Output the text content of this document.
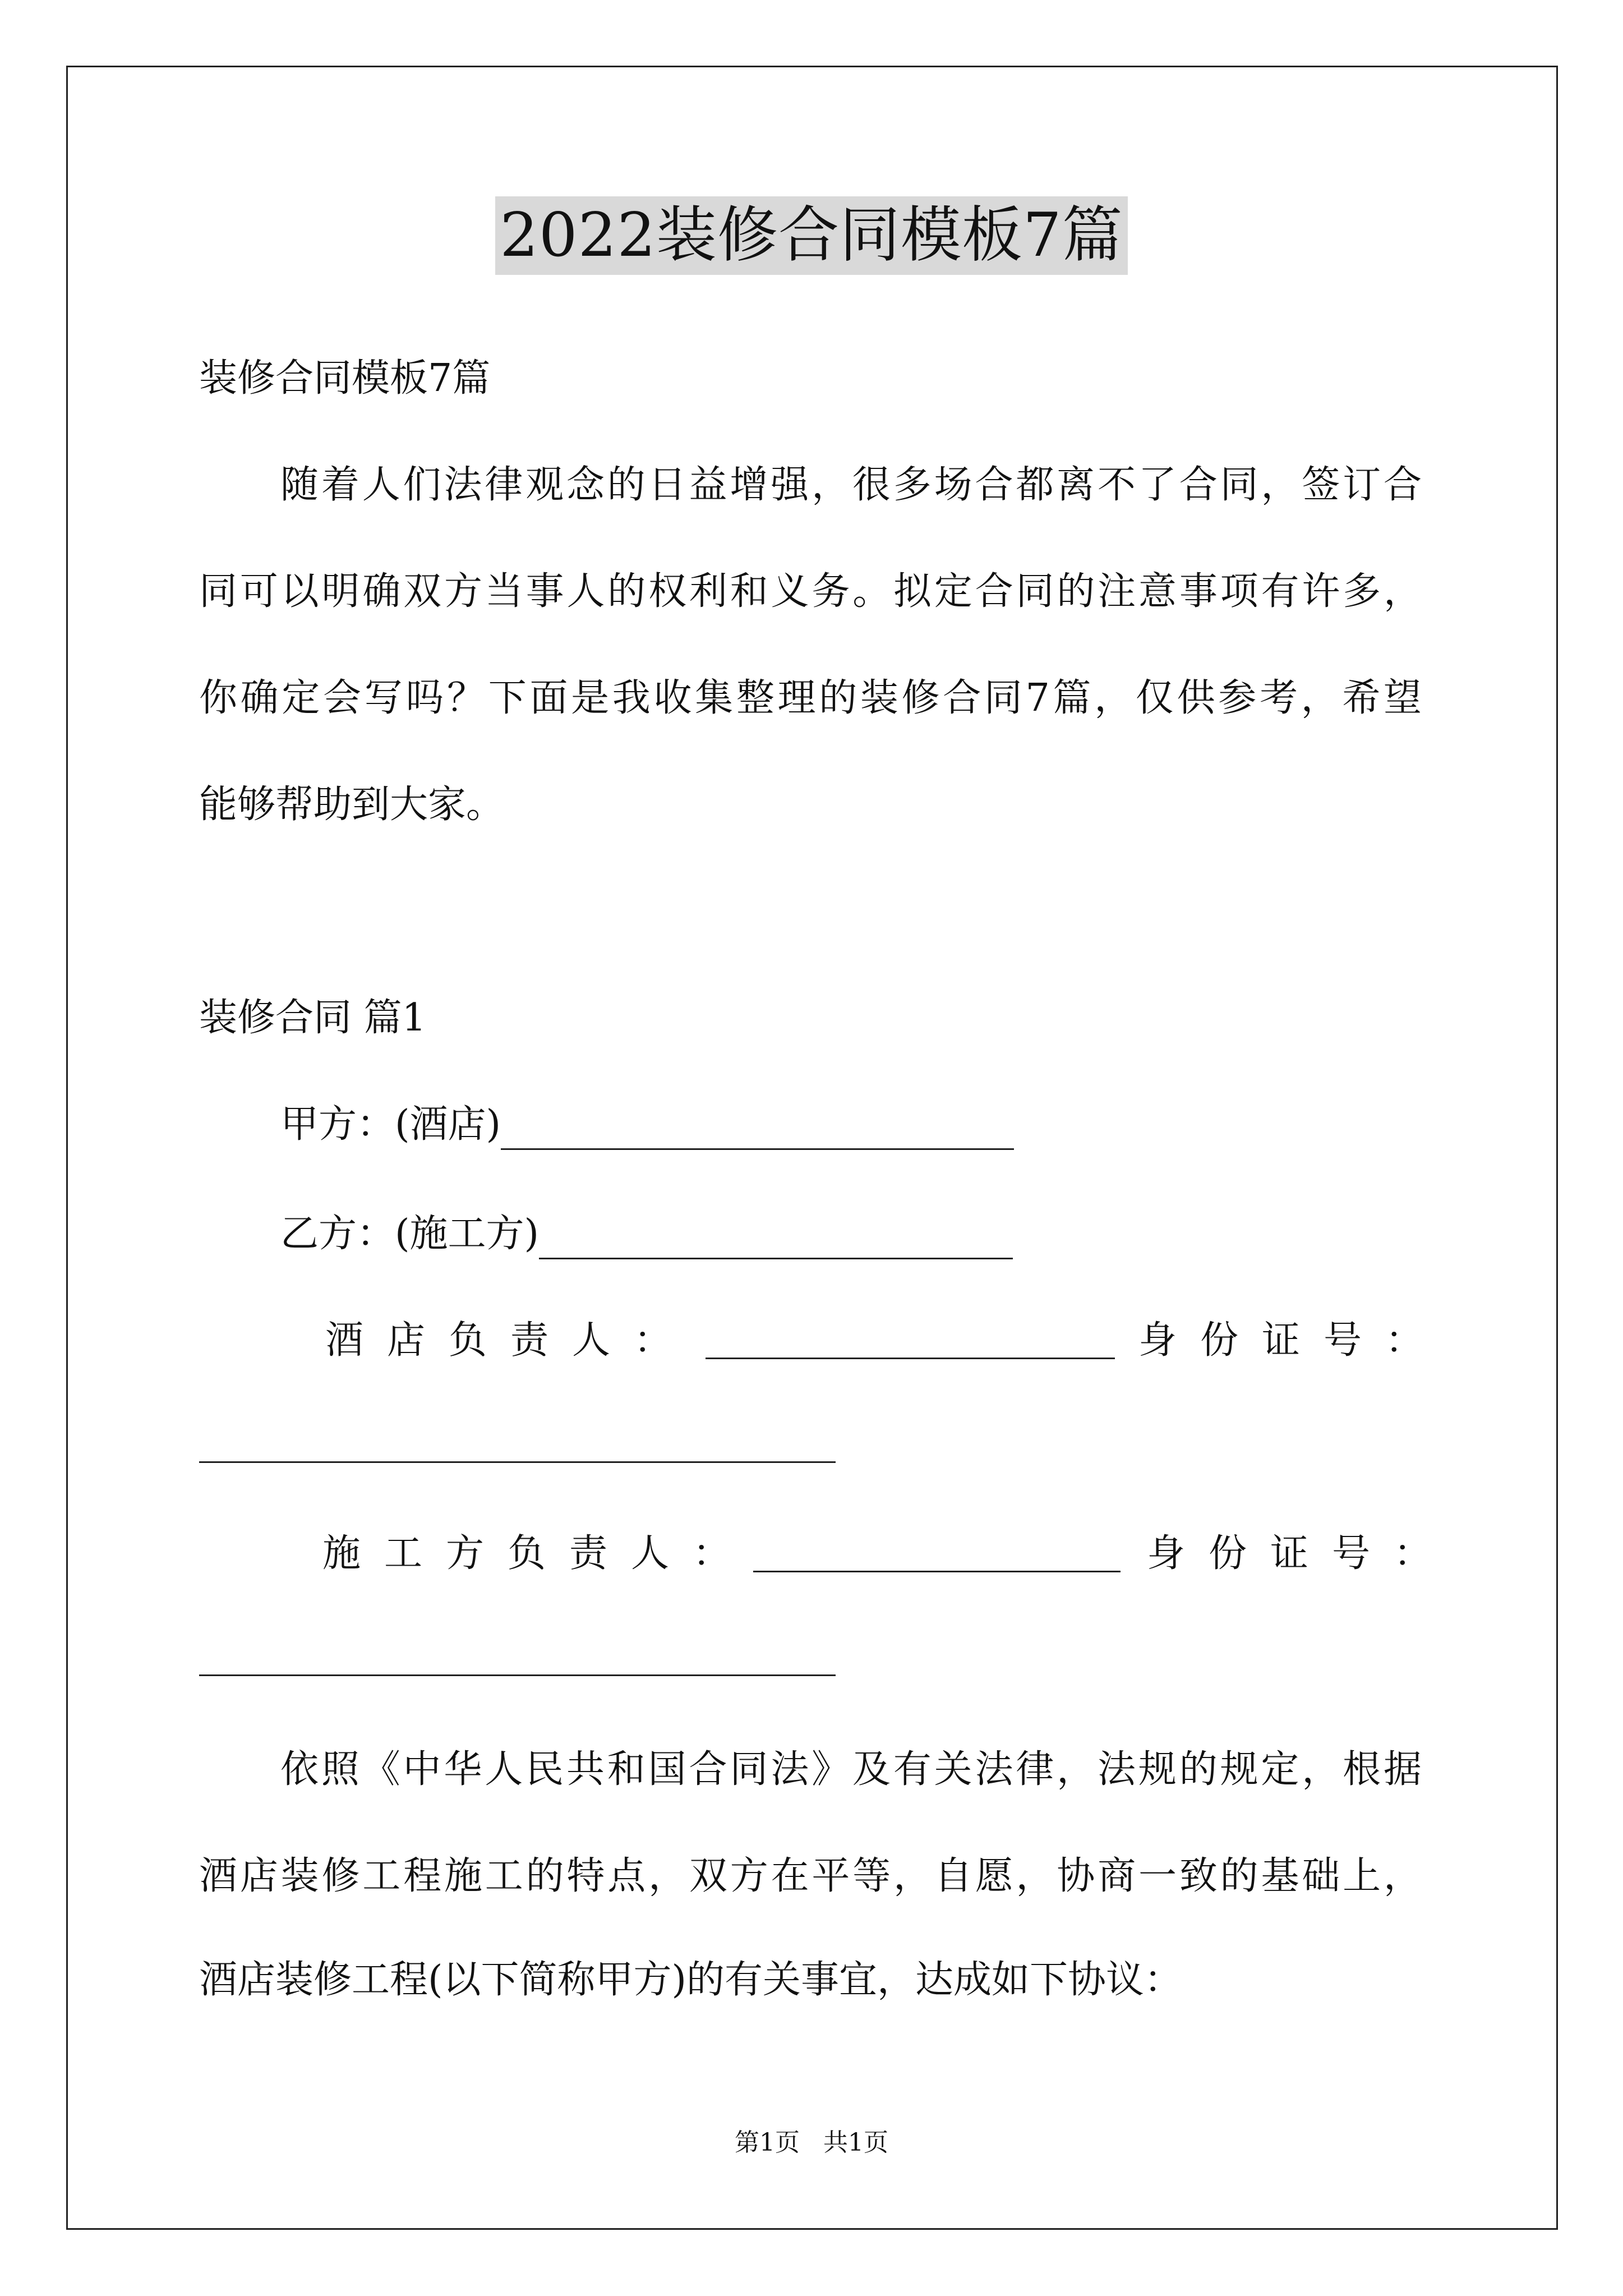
2022装修合同模板7篇
装修合同模板7篇
随着人们法律观念的日益增强，很多场合都离不了合同，签订合
同可以明确双方当事人的权利和义务。拟定合同的注意事项有许多，
你确定会写吗？下面是我收集整理的装修合同7篇，仅供参考，希望
能够帮助到大家。
装修合同 篇1
甲方：(酒店)
乙方：(施工方)
酒店负责人：	身份证号：
施工方负责人：	身份证号：
依照《中华人民共和国合同法》及有关法律，法规的规定，根据
酒店装修工程施工的特点，双方在平等，自愿，协商一致的基础上，
酒店装修工程(以下简称甲方)的有关事宜，达成如下协议：
第1页 共1页
